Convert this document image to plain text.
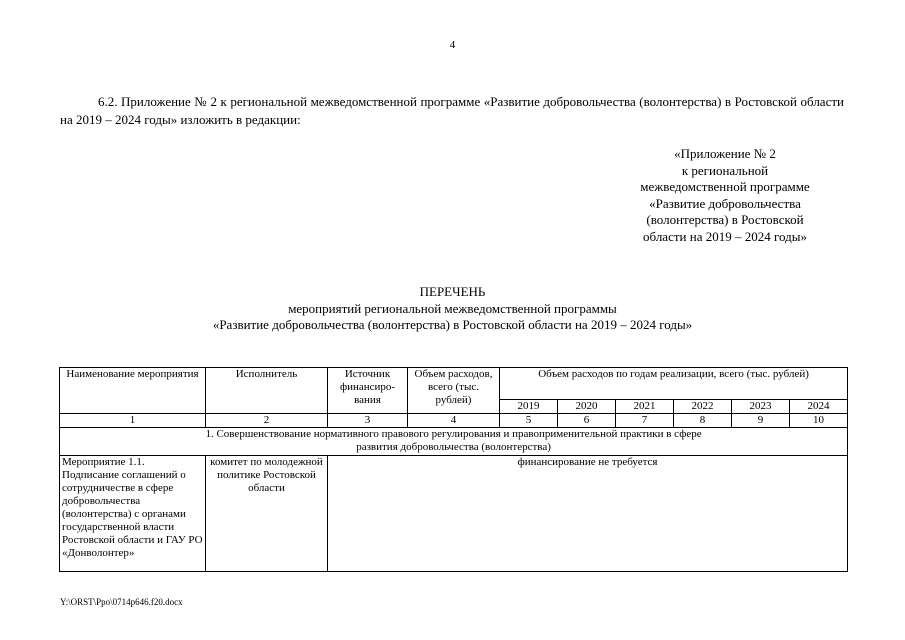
4
6.2. Приложение № 2 к региональной межведомственной программе «Развитие добровольчества (волонтерства) в Ростовской области на 2019 – 2024 годы» изложить в редакции:
«Приложение № 2
к региональной
межведомственной программе
«Развитие добровольчества
(волонтерства) в Ростовской
области на 2019 – 2024 годы»
ПЕРЕЧЕНЬ
мероприятий региональной межведомственной программы
«Развитие добровольчества (волонтерства) в Ростовской области на 2019 – 2024 годы»
Наименование мероприятия	Исполнитель	Источник финансиро-вания	Объем расходов, всего (тыс. рублей)	Объем расходов по годам реализации, всего (тыс. рублей)					
				2019	2020	2021	2022	2023	2024
1	2	3	4	5	6	7	8	9	10

1. Совершенствование нормативного правового регулирования и правоприменительной практики в сфере развития добровольчества (волонтерства)									

Мероприятие 1.1. Подписание соглашений о сотрудничестве в сфере добровольчества (волонтерства) с органами государственной власти Ростовской области и ГАУ РО «Донволонтер»	комитет по молодежной политике Ростовской области	финансирование не требуется							
Y:\ORST\Ppo\0714p646.f20.docx
